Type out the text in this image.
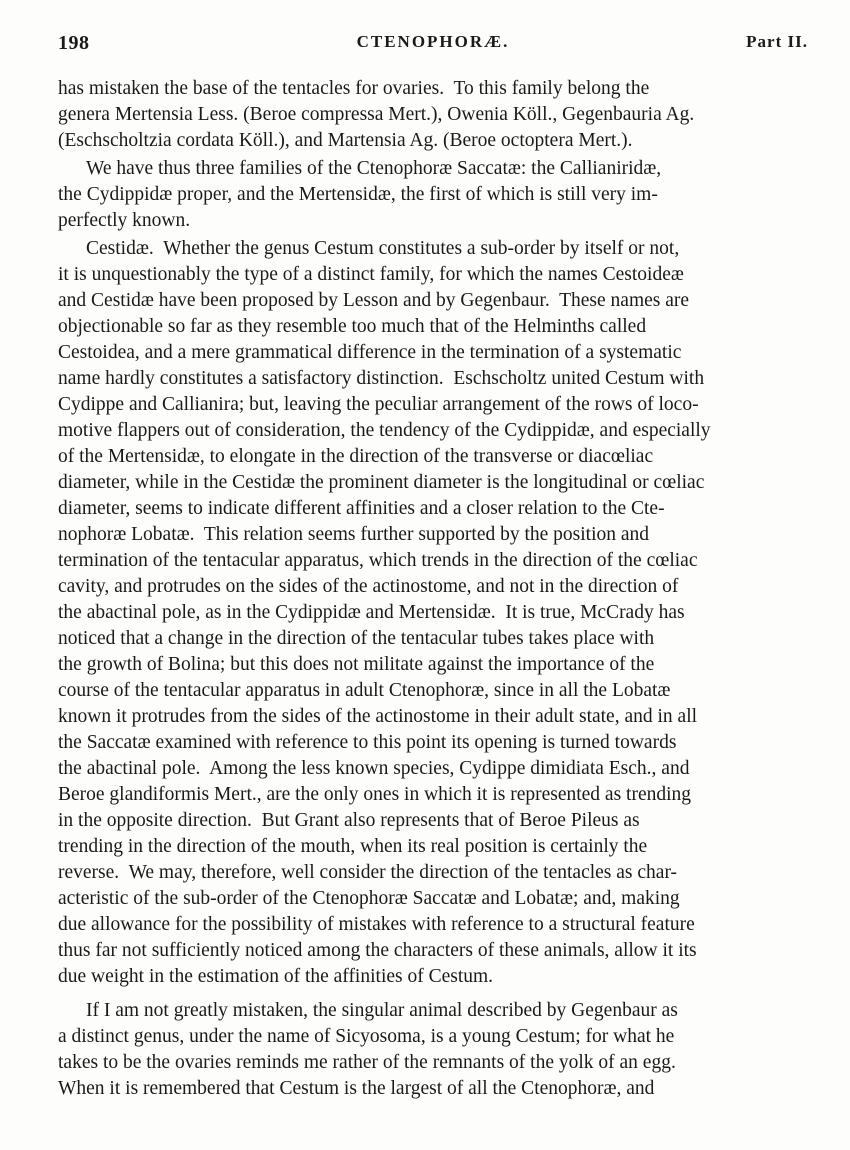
198	CTENOPHORÆ.	Part II.
has mistaken the base of the tentacles for ovaries.  To this family belong the
genera Mertensia Less. (Beroe compressa Mert.), Owenia Köll., Gegenbauria Ag.
(Eschscholtzia cordata Köll.), and Martensia Ag. (Beroe octoptera Mert.).
We have thus three families of the Ctenophoræ Saccatæ: the Callianiridæ,
the Cydippidæ proper, and the Mertensidæ, the first of which is still very im-
perfectly known.
Cestidæ.  Whether the genus Cestum constitutes a sub-order by itself or not,
it is unquestionably the type of a distinct family, for which the names Cestoideæ
and Cestidæ have been proposed by Lesson and by Gegenbaur.  These names are
objectionable so far as they resemble too much that of the Helminths called
Cestoidea, and a mere grammatical difference in the termination of a systematic
name hardly constitutes a satisfactory distinction.  Eschscholtz united Cestum with
Cydippe and Callianira; but, leaving the peculiar arrangement of the rows of loco-
motive flappers out of consideration, the tendency of the Cydippidæ, and especially
of the Mertensidæ, to elongate in the direction of the transverse or diacœliac
diameter, while in the Cestidæ the prominent diameter is the longitudinal or cœliac
diameter, seems to indicate different affinities and a closer relation to the Cte-
nophoræ Lobatæ.  This relation seems further supported by the position and
termination of the tentacular apparatus, which trends in the direction of the cœliac
cavity, and protrudes on the sides of the actinostome, and not in the direction of
the abactinal pole, as in the Cydippidæ and Mertensidæ.  It is true, McCrady has
noticed that a change in the direction of the tentacular tubes takes place with
the growth of Bolina; but this does not militate against the importance of the
course of the tentacular apparatus in adult Ctenophoræ, since in all the Lobatæ
known it protrudes from the sides of the actinostome in their adult state, and in all
the Saccatæ examined with reference to this point its opening is turned towards
the abactinal pole.  Among the less known species, Cydippe dimidiata Esch., and
Beroe glandiformis Mert., are the only ones in which it is represented as trending
in the opposite direction.  But Grant also represents that of Beroe Pileus as
trending in the direction of the mouth, when its real position is certainly the
reverse.  We may, therefore, well consider the direction of the tentacles as char-
acteristic of the sub-order of the Ctenophoræ Saccatæ and Lobatæ; and, making
due allowance for the possibility of mistakes with reference to a structural feature
thus far not sufficiently noticed among the characters of these animals, allow it its
due weight in the estimation of the affinities of Cestum.
If I am not greatly mistaken, the singular animal described by Gegenbaur as
a distinct genus, under the name of Sicyosoma, is a young Cestum; for what he
takes to be the ovaries reminds me rather of the remnants of the yolk of an egg.
When it is remembered that Cestum is the largest of all the Ctenophoræ, and
